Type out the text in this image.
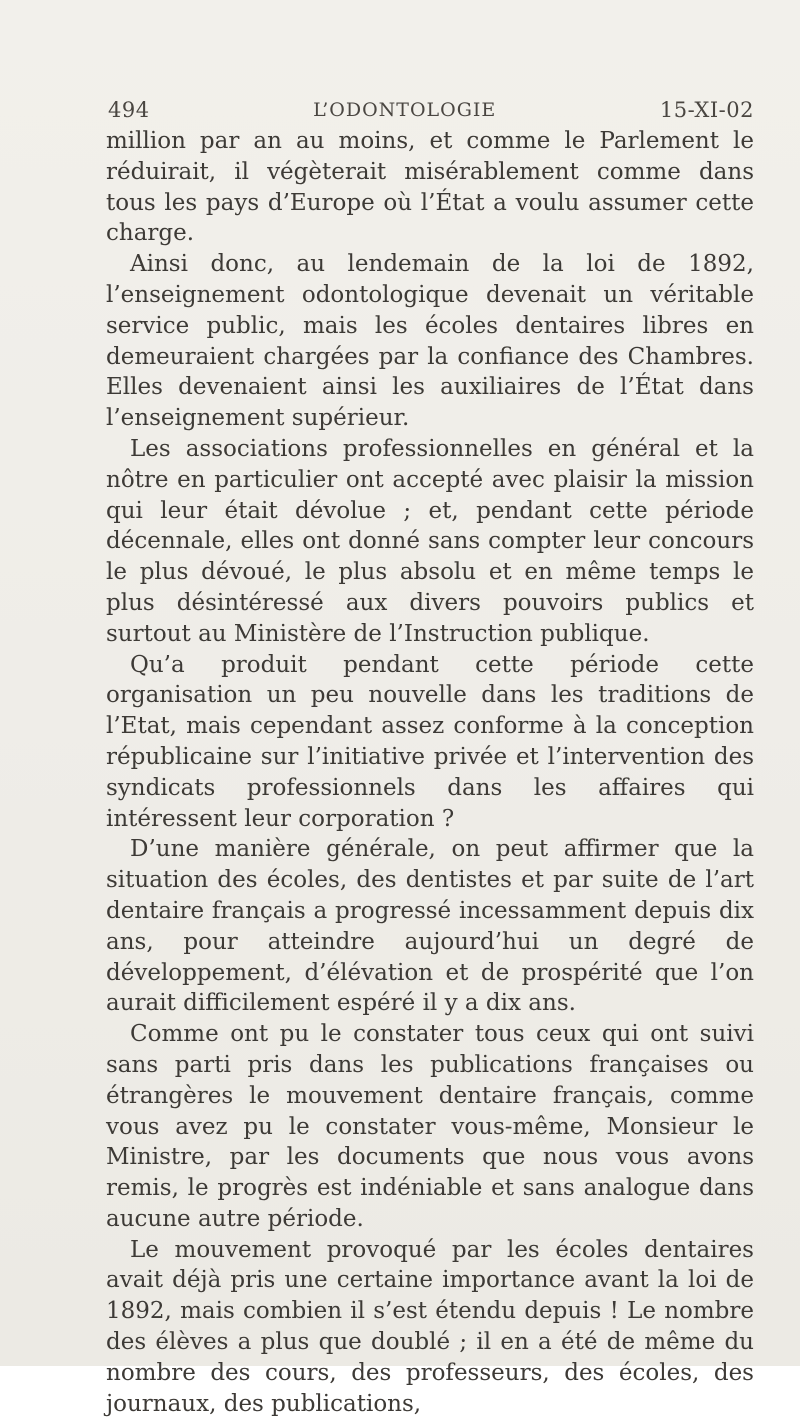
494	L’ODONTOLOGIE	15-XI-02

million par an au moins, et comme le Parlement le réduirait, il végèterait misérablement comme dans tous les pays d’Europe où l’État a voulu assumer cette charge.

Ainsi donc, au lendemain de la loi de 1892, l’enseignement odontologique devenait un véritable service public, mais les écoles dentaires libres en demeuraient chargées par la confiance des Chambres. Elles devenaient ainsi les auxiliaires de l’État dans l’enseignement supérieur.

Les associations professionnelles en général et la nôtre en particulier ont accepté avec plaisir la mission qui leur était dévolue ; et, pendant cette période décennale, elles ont donné sans compter leur concours le plus dévoué, le plus absolu et en même temps le plus désintéressé aux divers pouvoirs publics et surtout au Ministère de l’Instruction publique.

Qu’a produit pendant cette période cette organisation un peu nouvelle dans les traditions de l’Etat, mais cependant assez conforme à la conception républicaine sur l’initiative privée et l’intervention des syndicats professionnels dans les affaires qui intéressent leur corporation ?

D’une manière générale, on peut affirmer que la situation des écoles, des dentistes et par suite de l’art dentaire français a progressé incessamment depuis dix ans, pour atteindre aujourd’hui un degré de développement, d’élévation et de prospérité que l’on aurait difficilement espéré il y a dix ans.

Comme ont pu le constater tous ceux qui ont suivi sans parti pris dans les publications françaises ou étrangères le mouvement dentaire français, comme vous avez pu le constater vous-même, Monsieur le Ministre, par les documents que nous vous avons remis, le progrès est indéniable et sans analogue dans aucune autre période.

Le mouvement provoqué par les écoles dentaires avait déjà pris une certaine importance avant la loi de 1892, mais combien il s’est étendu depuis ! Le nombre des élèves a plus que doublé ; il en a été de même du nombre des cours, des professeurs, des écoles, des journaux, des publications,
